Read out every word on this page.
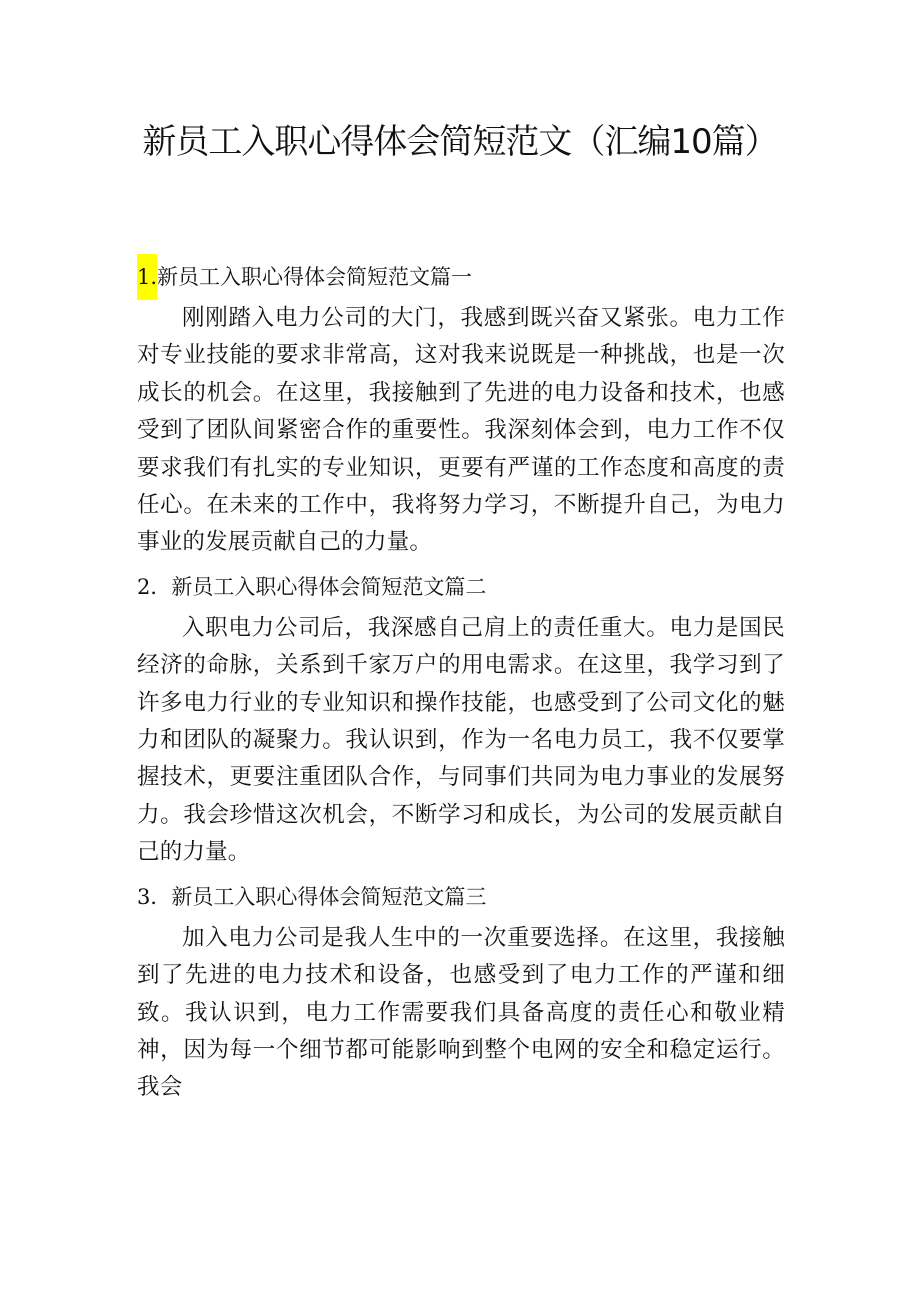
新员工入职心得体会简短范文（汇编10篇）
1.新员工入职心得体会简短范文篇一

刚刚踏入电力公司的大门，我感到既兴奋又紧张。电力工作对专业技能的要求非常高，这对我来说既是一种挑战，也是一次成长的机会。在这里，我接触到了先进的电力设备和技术，也感受到了团队间紧密合作的重要性。我深刻体会到，电力工作不仅要求我们有扎实的专业知识，更要有严谨的工作态度和高度的责任心。在未来的工作中，我将努力学习，不断提升自己，为电力事业的发展贡献自己的力量。

2．新员工入职心得体会简短范文篇二

入职电力公司后，我深感自己肩上的责任重大。电力是国民经济的命脉，关系到千家万户的用电需求。在这里，我学习到了许多电力行业的专业知识和操作技能，也感受到了公司文化的魅力和团队的凝聚力。我认识到，作为一名电力员工，我不仅要掌握技术，更要注重团队合作，与同事们共同为电力事业的发展努力。我会珍惜这次机会，不断学习和成长，为公司的发展贡献自己的力量。

3．新员工入职心得体会简短范文篇三

加入电力公司是我人生中的一次重要选择。在这里，我接触到了先进的电力技术和设备，也感受到了电力工作的严谨和细致。我认识到，电力工作需要我们具备高度的责任心和敬业精神，因为每一个细节都可能影响到整个电网的安全和稳定运行。我会
